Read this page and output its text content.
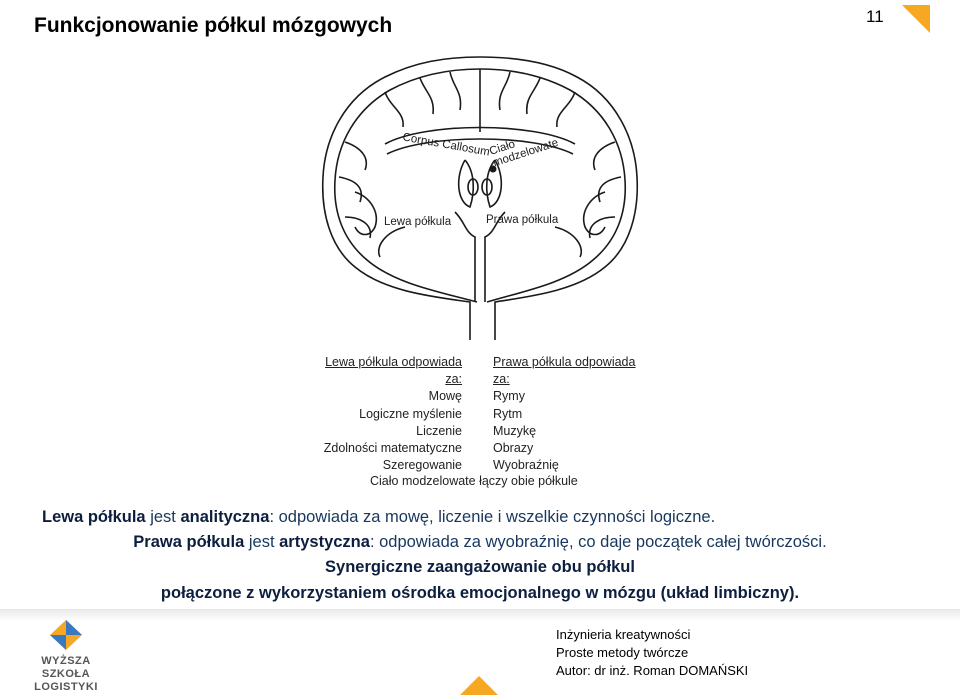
Funkcjonowanie półkul mózgowych	11
Corpus Callosum
Ciało modzelowate
Lewa półkula	Prawa półkula
Lewa półkula odpowiada
za:
Mowę
Logiczne myślenie
Liczenie
Zdolności matematyczne
Szeregowanie
Prawa półkula odpowiada
za:
Rymy
Rytm
Muzykę
Obrazy
Wyobraźnię
Ciało modzelowate łączy obie półkule
Lewa półkula jest analityczna: odpowiada za mowę, liczenie i wszelkie czynności logiczne.
Prawa półkula jest artystyczna: odpowiada za wyobraźnię, co daje początek całej twórczości.
Synergiczne zaangażowanie obu półkul
połączone z wykorzystaniem ośrodka emocjonalnego w mózgu (układ limbiczny).
WYŻSZA SZKOŁA
LOGISTYKI
Inżynieria kreatywności
Proste metody twórcze
Autor: dr inż. Roman DOMAŃSKI
